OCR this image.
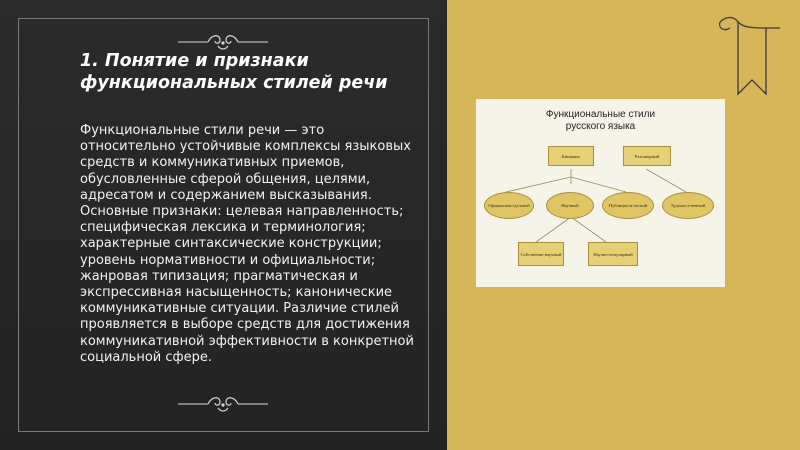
1. Понятие и признаки
функциональных стилей речи
Функциональные стили речи — это относительно устойчивые комплексы языковых средств и коммуникативных приемов, обусловленные сферой общения, целями, адресатом и содержанием высказывания. Основные признаки: целевая направленность; специфическая лексика и терминология; характерные синтаксические конструкции; уровень нормативности и официальности; жанровая типизация; прагматическая и экспрессивная насыщенность; канонические коммуникативные ситуации. Различие стилей проявляется в выборе средств для достижения коммуникативной эффективности в конкретной социальной сфере.
Функциональные стили
русского языка
Книжные	Разговорный
Официально-деловой	Научный	Публицисти-ческий	Художест-венный
Собственно-научный	Научно-популярный
